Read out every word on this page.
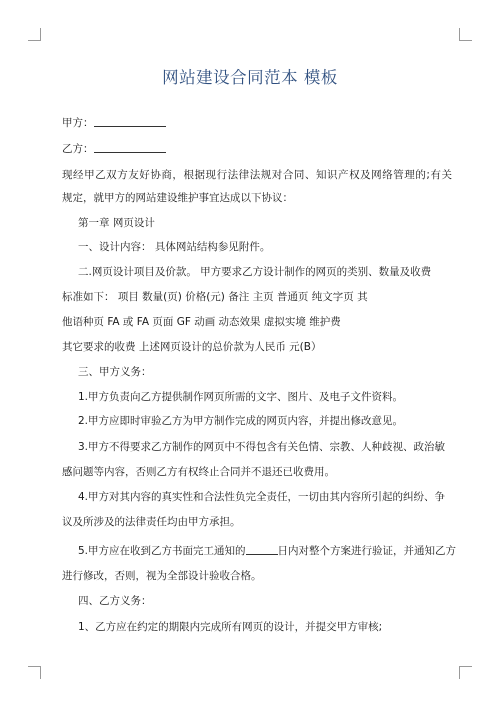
网站建设合同范本 模板
甲方：
乙方：
现经甲乙双方友好协商，根据现行法律法规对合同、知识产权及网络管理的;有关
规定，就甲方的网站建设维护事宜达成以下协议：
第一章 网页设计
一、设计内容： 具体网站结构参见附件。
二.网页设计项目及价款。 甲方要求乙方设计制作的网页的类别、数量及收费
标准如下： 项目 数量(页) 价格(元) 备注 主页 普通页 纯文字页 其
他语种页 FA 或 FA 页面 GF 动画 动态效果 虚拟实境 维护费
其它要求的收费 上述网页设计的总价款为人民币 元(B）
三、甲方义务：
1.甲方负责向乙方提供制作网页所需的文字、图片、及电子文件资料。
2.甲方应即时审验乙方为甲方制作完成的网页内容，并提出修改意见。
3.甲方不得要求乙方制作的网页中不得包含有关色情、宗教、人种歧视、政治敏
感问题等内容，否则乙方有权终止合同并不退还已收费用。
4.甲方对其内容的真实性和合法性负完全责任，一切由其内容所引起的纠纷、争
议及所涉及的法律责任均由甲方承担。
5.甲方应在收到乙方书面完工通知的	日内对整个方案进行验证，并通知乙方
进行修改，否则，视为全部设计验收合格。
四、乙方义务：
1、乙方应在约定的期限内完成所有网页的设计，并提交甲方审核;
